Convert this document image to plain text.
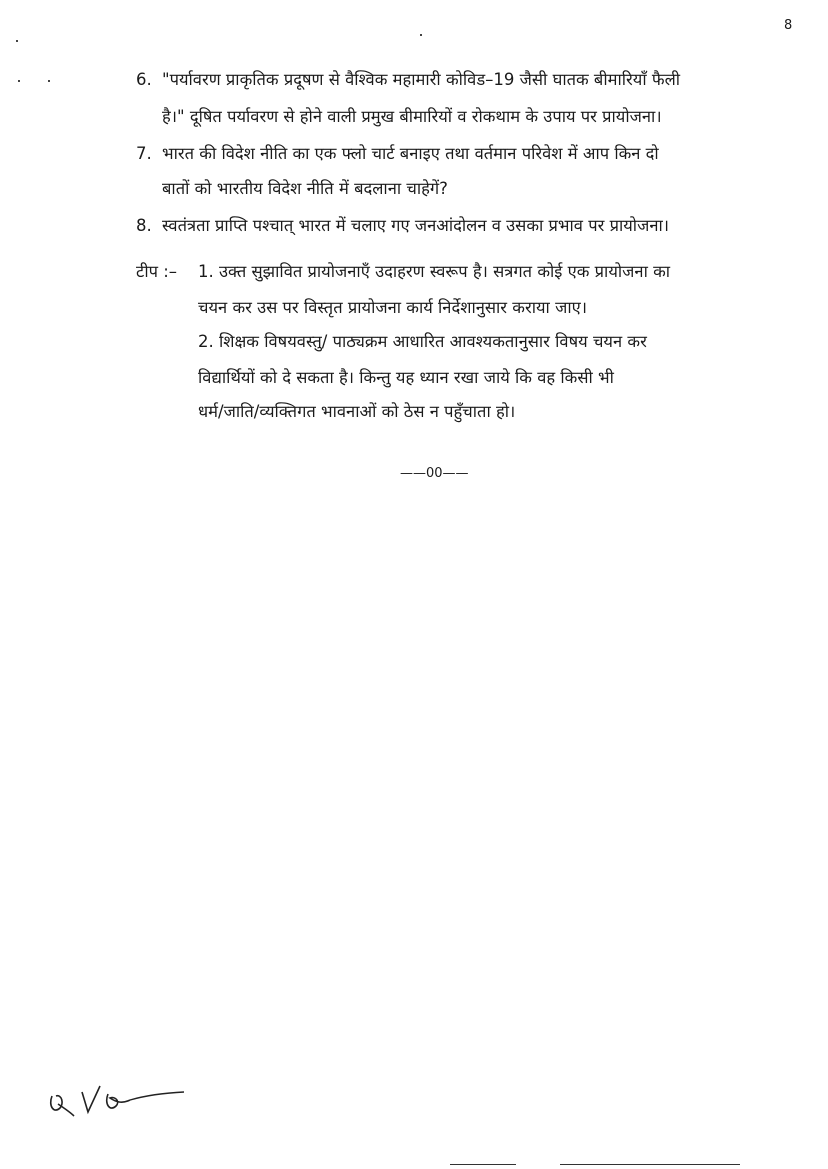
8
6. "पर्यावरण प्राकृतिक प्रदूषण से वैश्विक महामारी कोविड–19 जैसी घातक बीमारियाँ फैली
है।" दूषित पर्यावरण से होने वाली प्रमुख बीमारियों व रोकथाम के उपाय पर प्रायोजना।
7. भारत की विदेश नीति का एक फ्लो चार्ट बनाइए तथा वर्तमान परिवेश में आप किन दो
बातों को भारतीय विदेश नीति में बदलाना चाहेगें?
8. स्वतंत्रता प्राप्ति पश्चात् भारत में चलाए गए जनआंदोलन व उसका प्रभाव पर प्रायोजना।
टीप :– 1. उक्त सुझावित प्रायोजनाएँ उदाहरण स्वरूप है। सत्रगत कोई एक प्रायोजना का
चयन कर उस पर विस्तृत प्रायोजना कार्य निर्देशानुसार कराया जाए।
2. शिक्षक विषयवस्तु/ पाठ्यक्रम आधारित आवश्यकतानुसार विषय चयन कर
विद्यार्थियों को दे सकता है। किन्तु यह ध्यान रखा जाये कि वह किसी भी
धर्म/जाति/व्यक्तिगत भावनाओं को ठेस न पहुँचाता हो।
——00——
